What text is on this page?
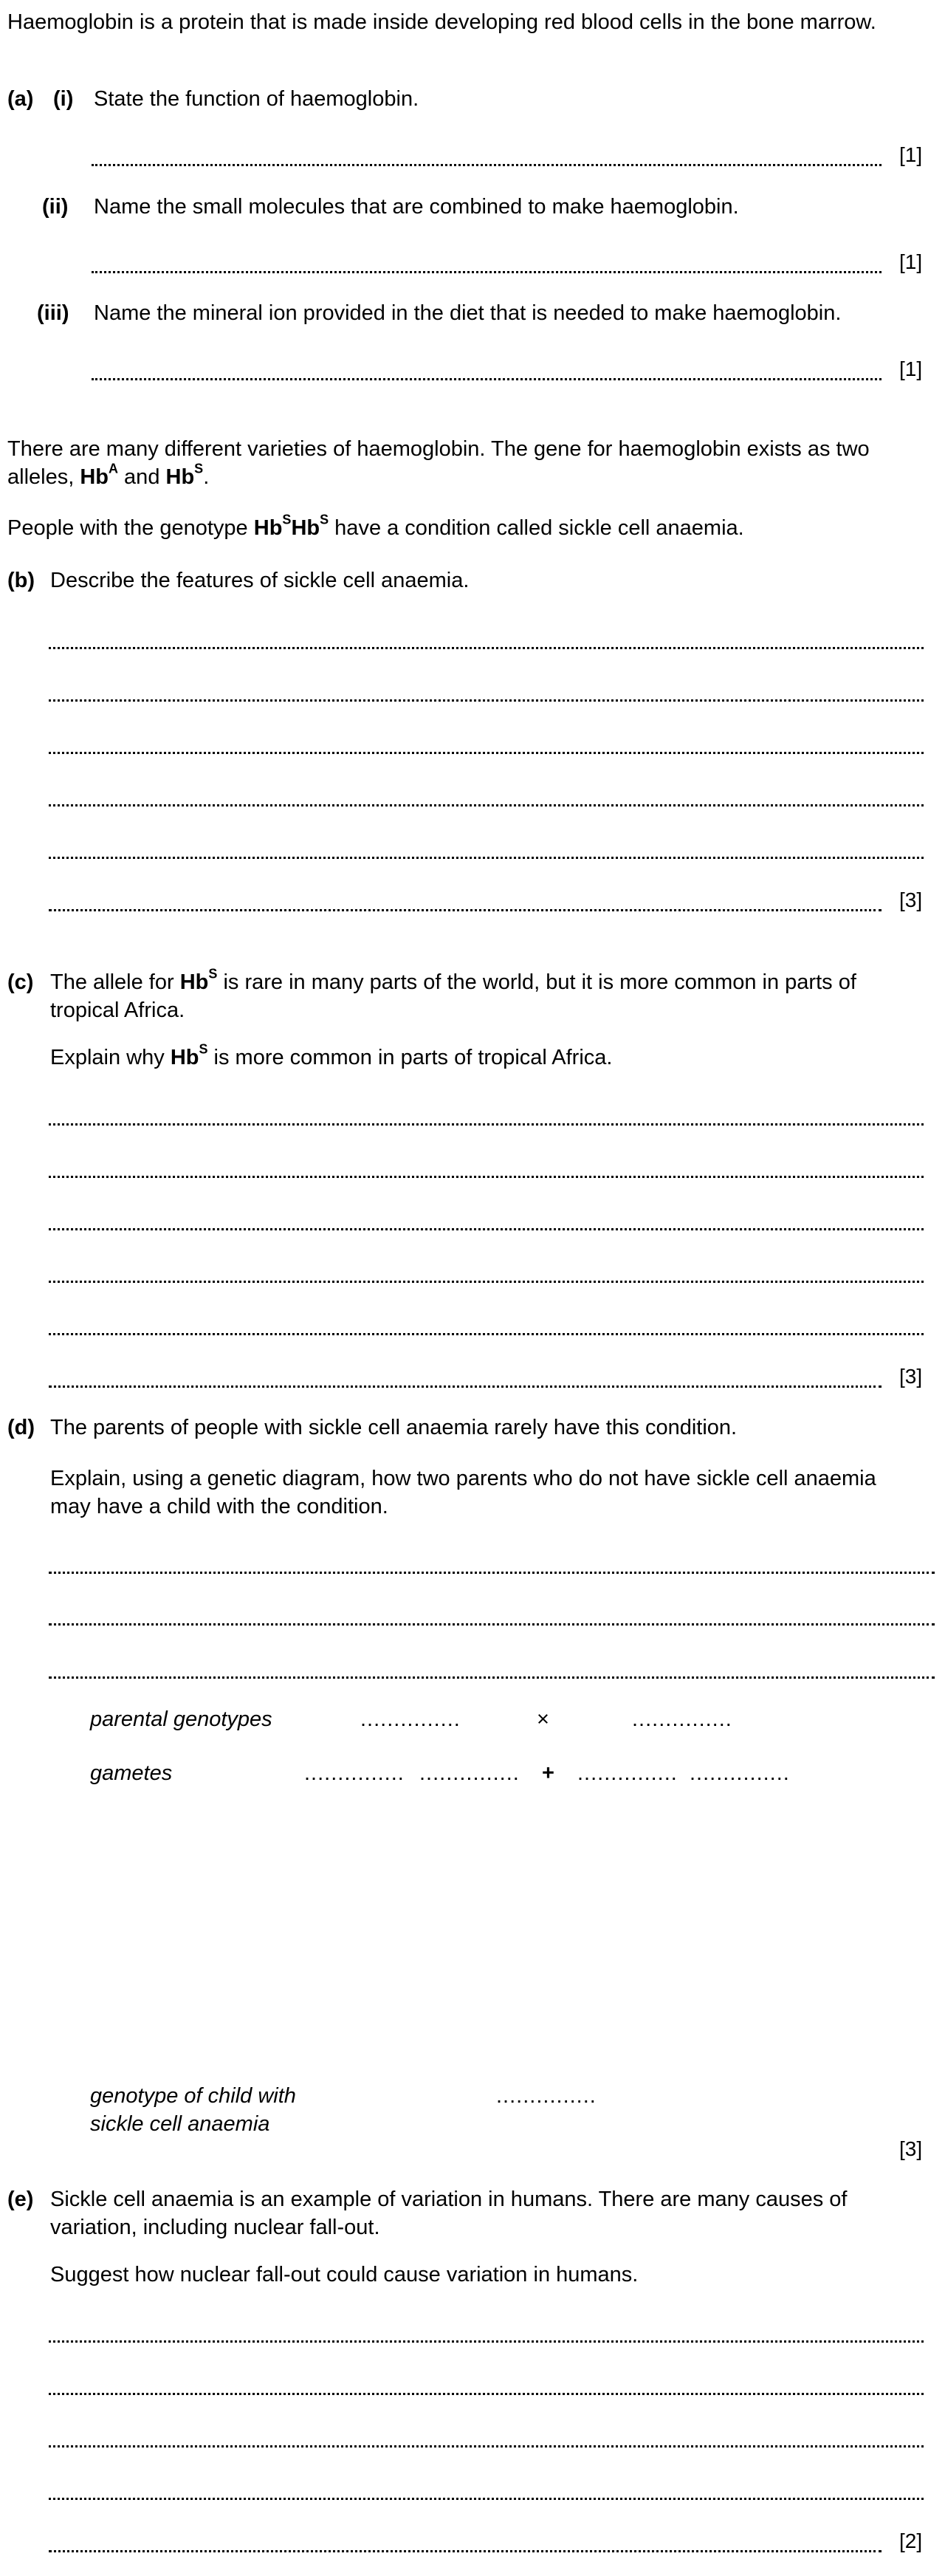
Haemoglobin is a protein that is made inside developing red blood cells in the bone marrow.
(a) (i) State the function of haemoglobin.
[1]
(ii) Name the small molecules that are combined to make haemoglobin.
[1]
(iii) Name the mineral ion provided in the diet that is needed to make haemoglobin.
[1]
There are many different varieties of haemoglobin. The gene for haemoglobin exists as two
alleles, $Hb^A$ and $Hb^S$.
People with the genotype $Hb^SHb^S$ have a condition called sickle cell anaemia.
(b) Describe the features of sickle cell anaemia.
[3]
(c) The allele for $Hb^S$ is rare in many parts of the world, but it is more common in parts of
tropical Africa.
Explain why $Hb^S$ is more common in parts of tropical Africa.
[3]
(d) The parents of people with sickle cell anaemia rarely have this condition.
Explain, using a genetic diagram, how two parents who do not have sickle cell anaemia
may have a child with the condition.
parental genotypes	...............	×	...............
gametes	............... ............... + ............... ...............
genotype of child with
sickle cell anaemia
...............
[3]
(e) Sickle cell anaemia is an example of variation in humans. There are many causes of
variation, including nuclear fall-out.
Suggest how nuclear fall-out could cause variation in humans.
[2]
